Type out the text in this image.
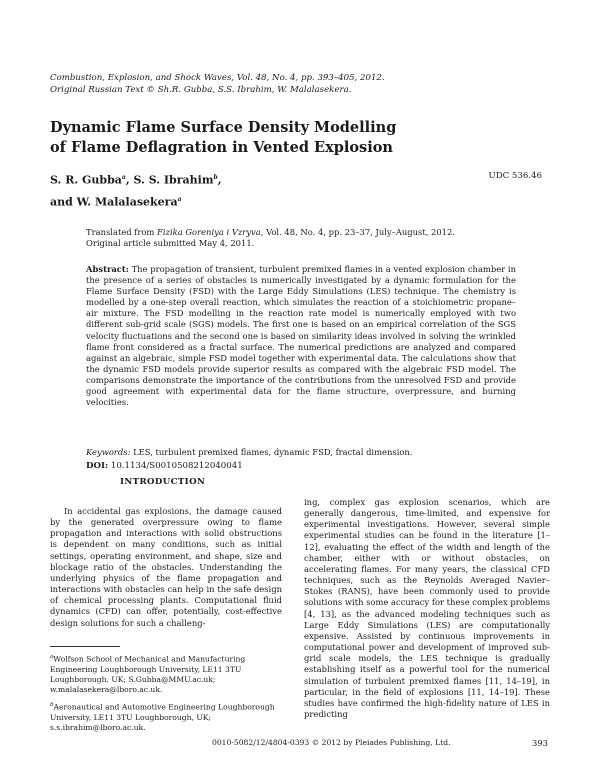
Combustion, Explosion, and Shock Waves, Vol. 48, No. 4, pp. 393–405, 2012.
Original Russian Text © Sh.R. Gubba, S.S. Ibrahim, W. Malalasekera.
Dynamic Flame Surface Density Modelling
of Flame Deflagration in Vented Explosion
S. R. Gubba$^a$, S. S. Ibrahim$^b$,
and W. Malalasekera$^a$
UDC 536.46
Translated from Fizika Goreniya i Vzryva, Vol. 48, No. 4, pp. 23–37, July–August, 2012.
Original article submitted May 4, 2011.
Abstract: The propagation of transient, turbulent premixed flames in a vented explosion chamber in the presence of a series of obstacles is numerically investigated by a dynamic formulation for the Flame Surface Density (FSD) with the Large Eddy Simulations (LES) technique. The chemistry is modelled by a one-step overall reaction, which simulates the reaction of a stoichiometric propane–air mixture. The FSD modelling in the reaction rate model is numerically employed with two different sub-grid scale (SGS) models. The first one is based on an empirical correlation of the SGS velocity fluctuations and the second one is based on similarity ideas involved in solving the wrinkled flame front considered as a fractal surface. The numerical predictions are analyzed and compared against an algebraic, simple FSD model together with experimental data. The calculations show that the dynamic FSD models provide superior results as compared with the algebraic FSD model. The comparisons demonstrate the importance of the contributions from the unresolved FSD and provide good agreement with experimental data for the flame structure, overpressure, and burning velocities.
Keywords: LES, turbulent premixed flames, dynamic FSD, fractal dimension.
DOI: 10.1134/S0010508212040041
INTRODUCTION
In accidental gas explosions, the damage caused by the generated overpressure owing to flame propagation and interactions with solid obstructions is dependent on many conditions, such as initial settings, operating environment, and shape, size and blockage ratio of the obstacles. Understanding the underlying physics of the flame propagation and interactions with obstacles can help in the safe design of chemical processing plants. Computational fluid dynamics (CFD) can offer, potentially, cost-effective design solutions for such a challeng-
ing, complex gas explosion scenarios, which are generally dangerous, time-limited, and expensive for experimental investigations. However, several simple experimental studies can be found in the literature [1–12], evaluating the effect of the width and length of the chamber, either with or without obstacles, on accelerating flames. For many years, the classical CFD techniques, such as the Reynolds Averaged Navier–Stokes (RANS), have been commonly used to provide solutions with some accuracy for these complex problems [4, 13], as the advanced modeling techniques such as Large Eddy Simulations (LES) are computationally expensive. Assisted by continuous improvements in computational power and development of improved sub-grid scale models, the LES technique is gradually establishing itself as a powerful tool for the numerical simulation of turbulent premixed flames [11, 14–19], in particular, in the field of explosions [11, 14–19]. These studies have confirmed the high-fidelity nature of LES in predicting
$^a$Wolfson School of Mechanical and Manufacturing Engineering Loughborough University, LE11 3TU Loughborough, UK; S.Gubba@MMU.ac.uk; w.malalasekera@lboro.ac.uk.
$^b$Aeronautical and Automotive Engineering Loughborough University, LE11 3TU Loughborough, UK; s.s.ibrahim@lboro.ac.uk.
0010-5082/12/4804-0393 © 2012 by Pleiades Publishing, Ltd.	393
